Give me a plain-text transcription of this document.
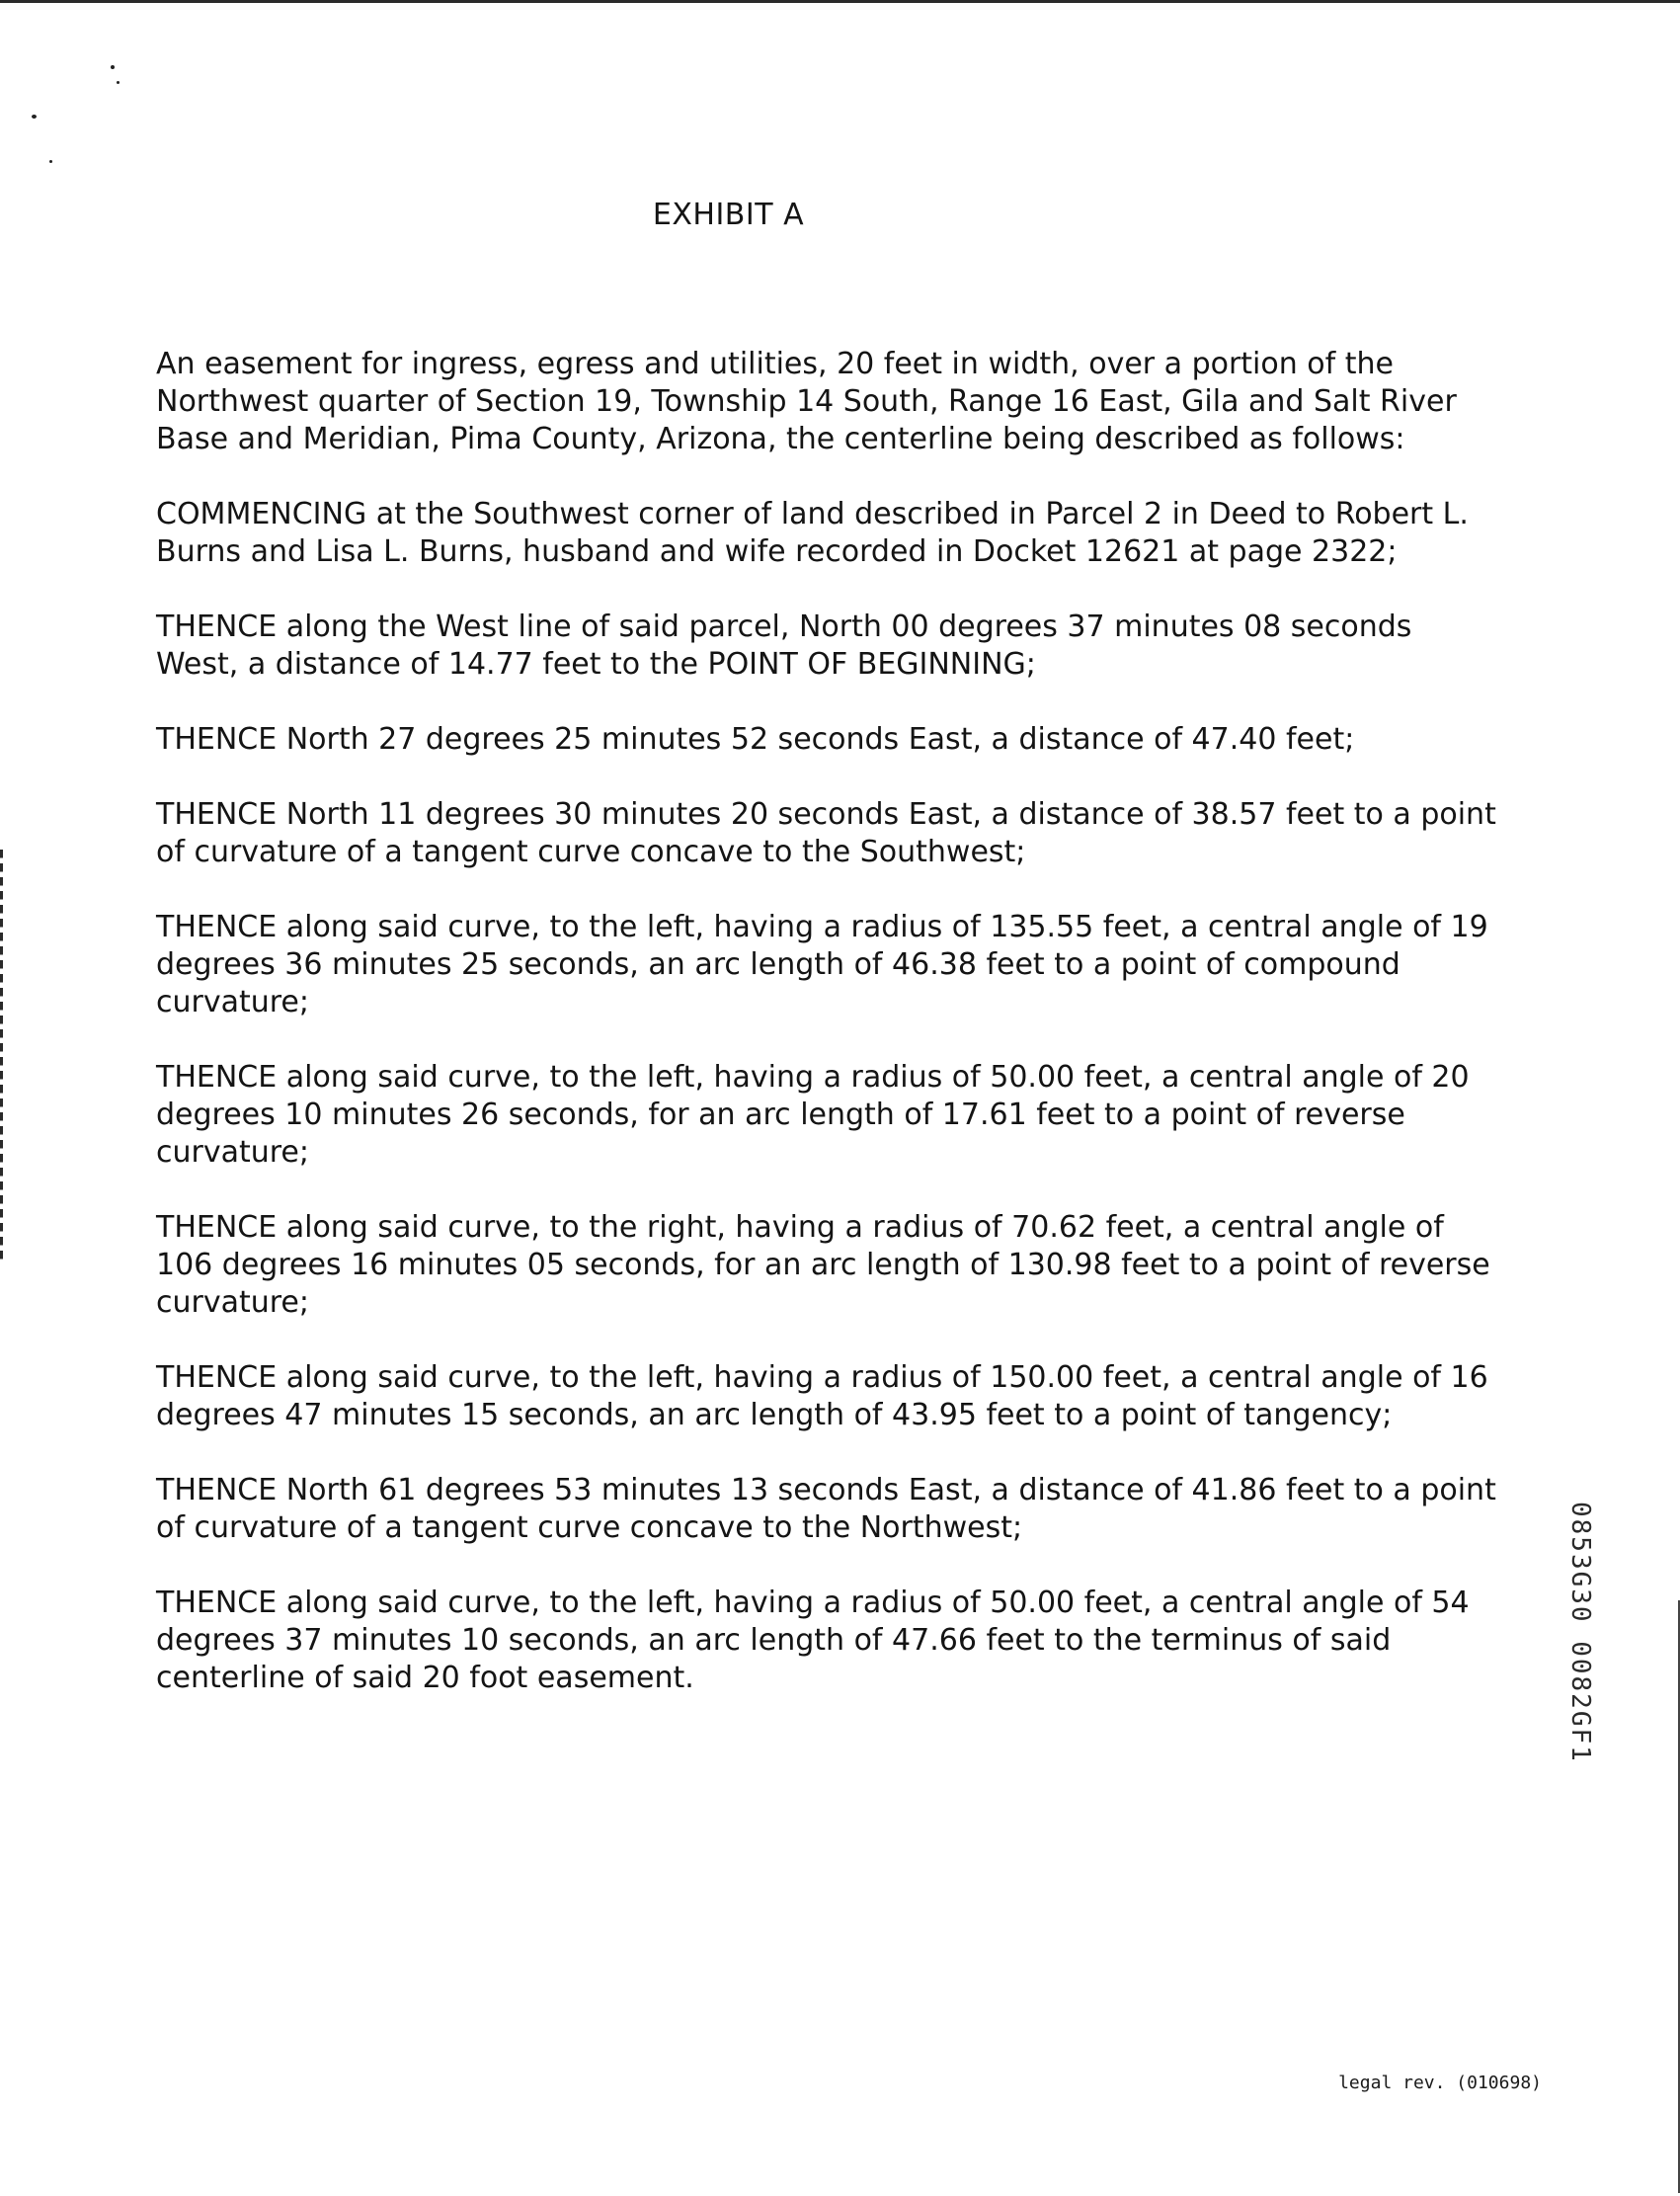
EXHIBIT A
An easement for ingress, egress and utilities, 20 feet in width, over a portion of the
Northwest quarter of Section 19, Township 14 South, Range 16 East, Gila and Salt River
Base and Meridian, Pima County, Arizona, the centerline being described as follows:
COMMENCING at the Southwest corner of land described in Parcel 2 in Deed to Robert L.
Burns and Lisa L. Burns, husband and wife recorded in Docket 12621 at page 2322;
THENCE along the West line of said parcel, North 00 degrees 37 minutes 08 seconds
West, a distance of 14.77 feet to the POINT OF BEGINNING;
THENCE North 27 degrees 25 minutes 52 seconds East, a distance of 47.40 feet;
THENCE North 11 degrees 30 minutes 20 seconds East, a distance of 38.57 feet to a point
of curvature of a tangent curve concave to the Southwest;
THENCE along said curve, to the left, having a radius of 135.55 feet, a central angle of 19
degrees 36 minutes 25 seconds, an arc length of 46.38 feet to a point of compound
curvature;
THENCE along said curve, to the left, having a radius of 50.00 feet, a central angle of 20
degrees 10 minutes 26 seconds, for an arc length of 17.61 feet to a point of reverse
curvature;
THENCE along said curve, to the right, having a radius of 70.62 feet, a central angle of
106 degrees 16 minutes 05 seconds, for an arc length of 130.98 feet to a point of reverse
curvature;
THENCE along said curve, to the left, having a radius of 150.00 feet, a central angle of 16
degrees 47 minutes 15 seconds, an arc length of 43.95 feet to a point of tangency;
THENCE North 61 degrees 53 minutes 13 seconds East, a distance of 41.86 feet to a point
of curvature of a tangent curve concave to the Northwest;
THENCE along said curve, to the left, having a radius of 50.00 feet, a central angle of 54
degrees 37 minutes 10 seconds, an arc length of 47.66 feet to the terminus of said
centerline of said 20 foot easement.	0853G30 0082GF1
legal rev. (010698)
